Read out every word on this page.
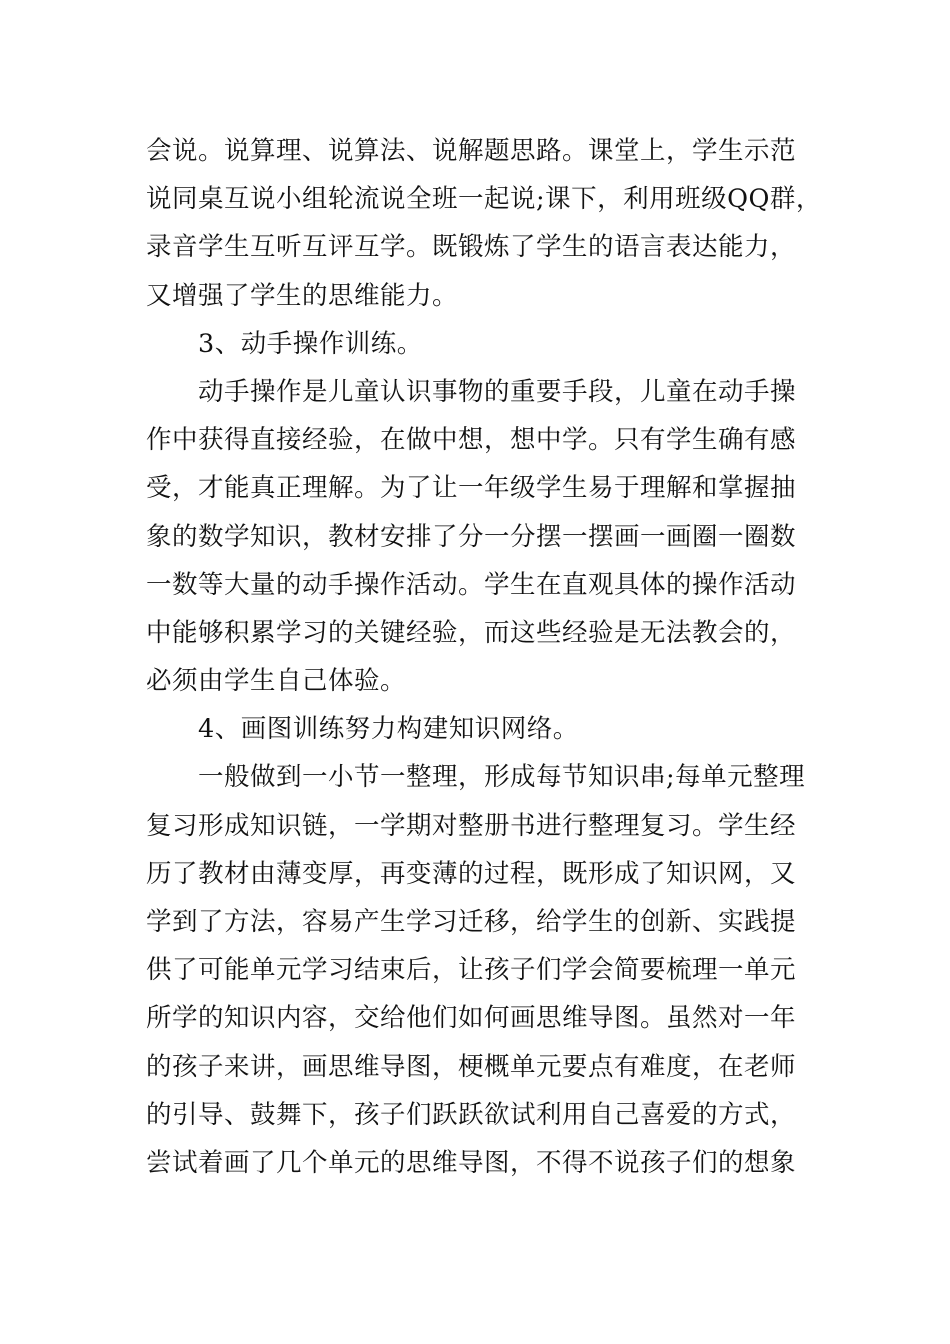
会说。说算理、说算法、说解题思路。课堂上，学生示范
说同桌互说小组轮流说全班一起说;课下，利用班级QQ群，
录音学生互听互评互学。既锻炼了学生的语言表达能力，
又增强了学生的思维能力。
3、动手操作训练。
动手操作是儿童认识事物的重要手段，儿童在动手操
作中获得直接经验，在做中想，想中学。只有学生确有感
受，才能真正理解。为了让一年级学生易于理解和掌握抽
象的数学知识，教材安排了分一分摆一摆画一画圈一圈数
一数等大量的动手操作活动。学生在直观具体的操作活动
中能够积累学习的关键经验，而这些经验是无法教会的，
必须由学生自己体验。
4、画图训练努力构建知识网络。
一般做到一小节一整理，形成每节知识串;每单元整理
复习形成知识链，一学期对整册书进行整理复习。学生经
历了教材由薄变厚，再变薄的过程，既形成了知识网，又
学到了方法，容易产生学习迁移，给学生的创新、实践提
供了可能单元学习结束后，让孩子们学会简要梳理一单元
所学的知识内容，交给他们如何画思维导图。虽然对一年
的孩子来讲，画思维导图，梗概单元要点有难度，在老师
的引导、鼓舞下，孩子们跃跃欲试利用自己喜爱的方式，
尝试着画了几个单元的思维导图，不得不说孩子们的想象
